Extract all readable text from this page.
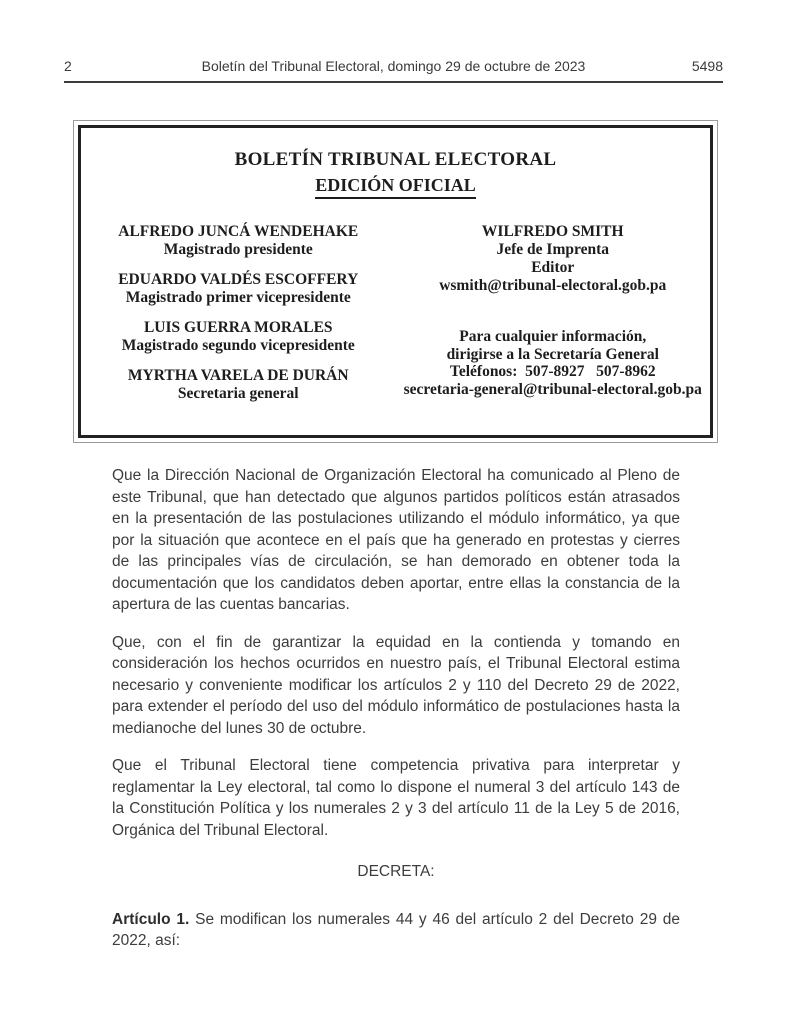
2	Boletín del Tribunal Electoral, domingo 29 de octubre de 2023	5498
BOLETÍN TRIBUNAL ELECTORAL
EDICIÓN OFICIAL
ALFREDO JUNCÁ WENDEHAKE
Magistrado presidente
EDUARDO VALDÉS ESCOFFERY
Magistrado primer vicepresidente
LUIS GUERRA MORALES
Magistrado segundo vicepresidente
MYRTHA VARELA DE DURÁN
Secretaria general
WILFREDO SMITH
Jefe de Imprenta
Editor
wsmith@tribunal-electoral.gob.pa
Para cualquier información,
dirigirse a la Secretaría General
Teléfonos:  507-8927   507-8962
secretaria-general@tribunal-electoral.gob.pa

Que la Dirección Nacional de Organización Electoral ha comunicado al Pleno de este Tribunal, que han detectado que algunos partidos políticos están atrasados en la presentación de las postulaciones utilizando el módulo informático, ya que por la situación que acontece en el país que ha generado en protestas y cierres de las principales vías de circulación, se han demorado en obtener toda la documentación que los candidatos deben aportar, entre ellas la constancia de la apertura de las cuentas bancarias.

Que, con el fin de garantizar la equidad en la contienda y tomando en consideración los hechos ocurridos en nuestro país, el Tribunal Electoral estima necesario y conveniente modificar los artículos 2 y 110 del Decreto 29 de 2022, para extender el período del uso del módulo informático de postulaciones hasta la medianoche del lunes 30 de octubre.

Que el Tribunal Electoral tiene competencia privativa para interpretar y reglamentar la Ley electoral, tal como lo dispone el numeral 3 del artículo 143 de la Constitución Política y los numerales 2 y 3 del artículo 11 de la Ley 5 de 2016, Orgánica del Tribunal Electoral.

DECRETA:

Artículo 1. Se modifican los numerales 44 y 46 del artículo 2 del Decreto 29 de 2022, así:
